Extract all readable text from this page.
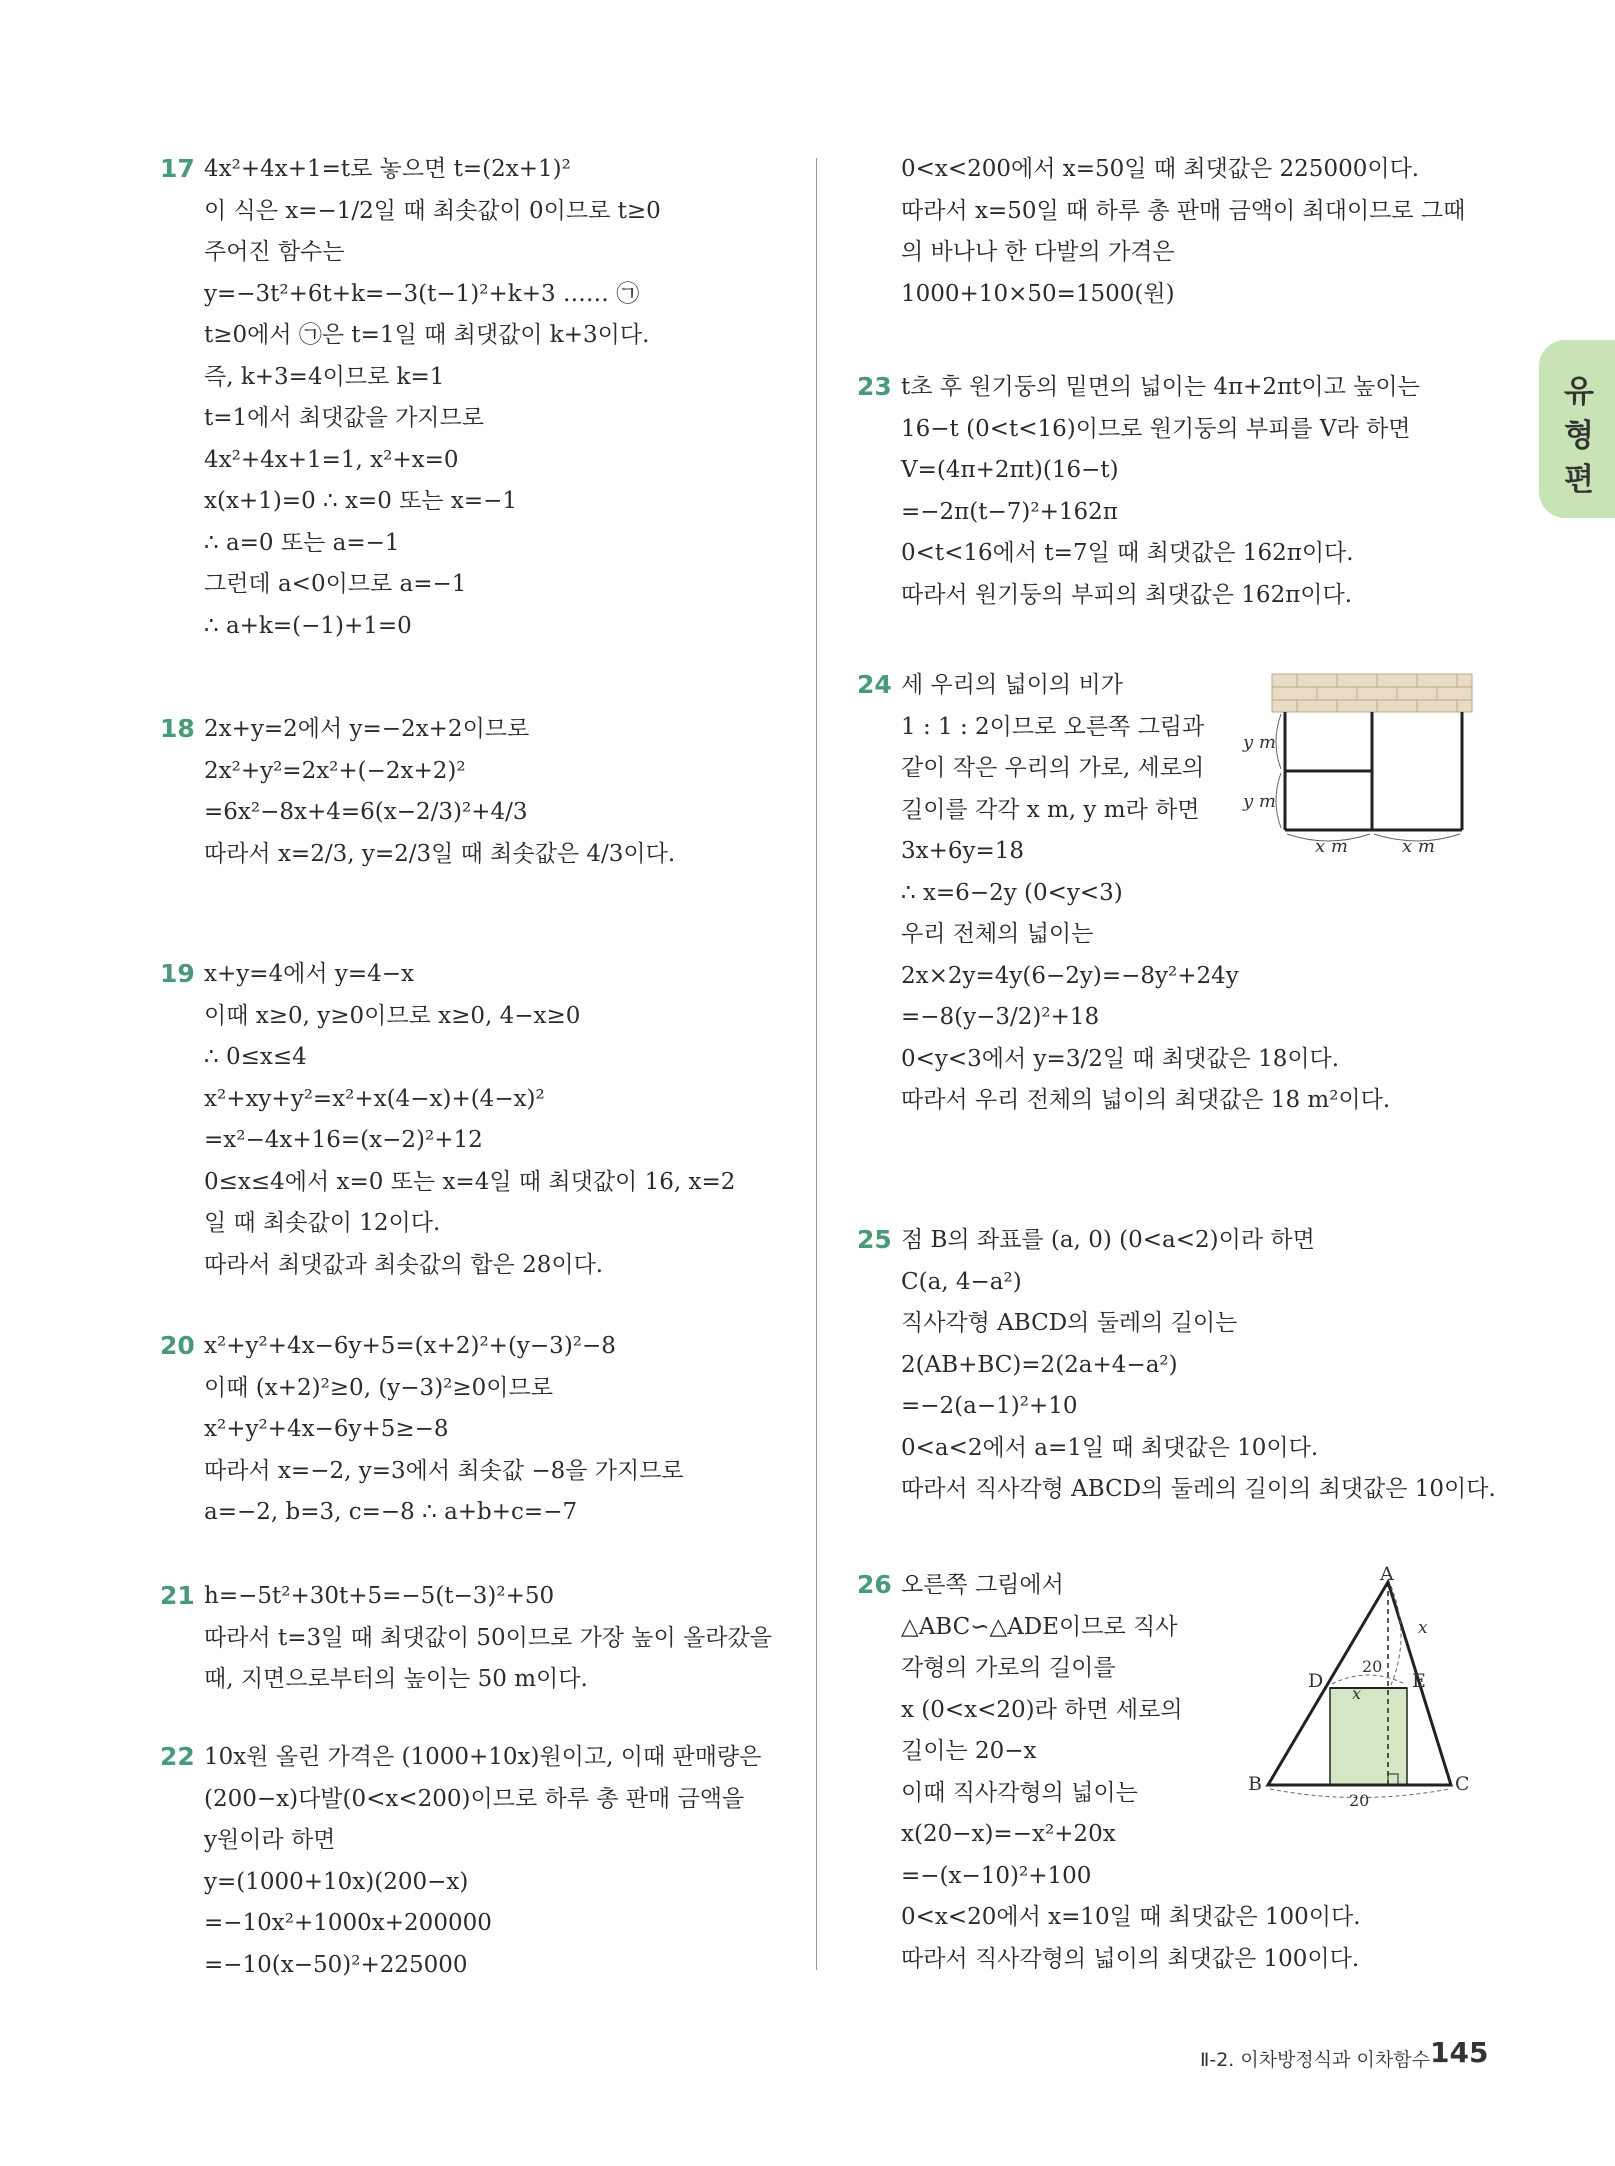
17 4x²+4x+1=t로 놓으면 t=(2x+1)²
이 식은 x=−1/2일 때 최솟값이 0이므로 t≥0
주어진 함수는
y=−3t²+6t+k=−3(t−1)²+k+3 …… ㉠
t≥0에서 ㉠은 t=1일 때 최댓값이 k+3이다.
즉, k+3=4이므로 k=1
t=1에서 최댓값을 가지므로
4x²+4x+1=1, x²+x=0
x(x+1)=0 ∴ x=0 또는 x=−1
∴ a=0 또는 a=−1
그런데 a<0이므로 a=−1
∴ a+k=(−1)+1=0
18 2x+y=2에서 y=−2x+2이므로
2x²+y²=2x²+(−2x+2)²
=6x²−8x+4=6(x−2/3)²+4/3
따라서 x=2/3, y=2/3일 때 최솟값은 4/3이다.
19 x+y=4에서 y=4−x
이때 x≥0, y≥0이므로 x≥0, 4−x≥0
∴ 0≤x≤4
x²+xy+y²=x²+x(4−x)+(4−x)²
=x²−4x+16=(x−2)²+12
0≤x≤4에서 x=0 또는 x=4일 때 최댓값이 16, x=2
일 때 최솟값이 12이다.
따라서 최댓값과 최솟값의 합은 28이다.
20 x²+y²+4x−6y+5=(x+2)²+(y−3)²−8
이때 (x+2)²≥0, (y−3)²≥0이므로
x²+y²+4x−6y+5≥−8
따라서 x=−2, y=3에서 최솟값 −8을 가지므로
a=−2, b=3, c=−8 ∴ a+b+c=−7
21 h=−5t²+30t+5=−5(t−3)²+50
따라서 t=3일 때 최댓값이 50이므로 가장 높이 올라갔을
때, 지면으로부터의 높이는 50 m이다.
22 10x원 올린 가격은 (1000+10x)원이고, 이때 판매량은
(200−x)다발(0<x<200)이므로 하루 총 판매 금액을
y원이라 하면
y=(1000+10x)(200−x)
=−10x²+1000x+200000
=−10(x−50)²+225000
0<x<200에서 x=50일 때 최댓값은 225000이다.
따라서 x=50일 때 하루 총 판매 금액이 최대이므로 그때
의 바나나 한 다발의 가격은
1000+10×50=1500(원)
23 t초 후 원기둥의 밑면의 넓이는 4π+2πt이고 높이는
16−t (0<t<16)이므로 원기둥의 부피를 V라 하면
V=(4π+2πt)(16−t)
=−2π(t−7)²+162π
0<t<16에서 t=7일 때 최댓값은 162π이다.
따라서 원기둥의 부피의 최댓값은 162π이다.
24 세 우리의 넓이의 비가
1 : 1 : 2이므로 오른쪽 그림과
같이 작은 우리의 가로, 세로의
길이를 각각 x m, y m라 하면
3x+6y=18
∴ x=6−2y (0<y<3)
우리 전체의 넓이는
2x×2y=4y(6−2y)=−8y²+24y
=−8(y−3/2)²+18
0<y<3에서 y=3/2일 때 최댓값은 18이다.
따라서 우리 전체의 넓이의 최댓값은 18 m²이다.
25 점 B의 좌표를 (a, 0) (0<a<2)이라 하면
C(a, 4−a²)
직사각형 ABCD의 둘레의 길이는
2(AB+BC)=2(2a+4−a²)
=−2(a−1)²+10
0<a<2에서 a=1일 때 최댓값은 10이다.
따라서 직사각형 ABCD의 둘레의 길이의 최댓값은 10이다.
26 오른쪽 그림에서
△ABC∽△ADE이므로 직사
각형의 가로의 길이를
x (0<x<20)라 하면 세로의
길이는 20−x
이때 직사각형의 넓이는
x(20−x)=−x²+20x
=−(x−10)²+100
0<x<20에서 x=10일 때 최댓값은 100이다.
따라서 직사각형의 넓이의 최댓값은 100이다.
y m
y m
x m	x m
A
B	C
D	E
20
20
x
x
유형편
Ⅱ-2. 이차방정식과 이차함수 145
